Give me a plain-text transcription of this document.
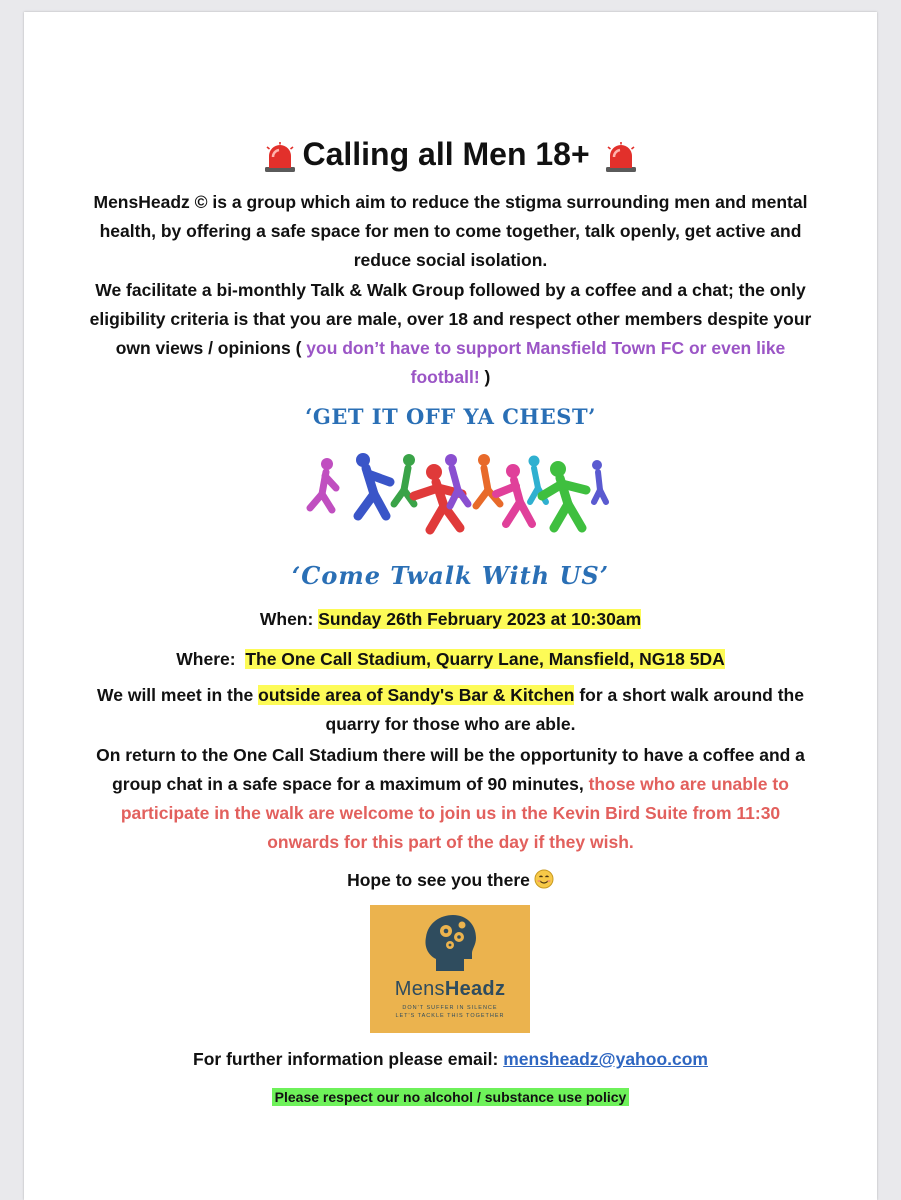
Calling all Men 18+
MensHeadz © is a group which aim to reduce the stigma surrounding men and mental health, by offering a safe space for men to come together, talk openly, get active and reduce social isolation.
We facilitate a bi-monthly Talk & Walk Group followed by a coffee and a chat; the only eligibility criteria is that you are male, over 18 and respect other members despite your own views / opinions ( you don’t have to support Mansfield Town FC or even like football! )
‘GET IT OFF YA CHEST’
‘Come Twalk With US’
When: Sunday 26th February 2023 at 10:30am
Where: The One Call Stadium, Quarry Lane, Mansfield, NG18 5DA
We will meet in the outside area of Sandy's Bar & Kitchen for a short walk around the quarry for those who are able.
On return to the One Call Stadium there will be the opportunity to have a coffee and a group chat in a safe space for a maximum of 90 minutes, those who are unable to participate in the walk are welcome to join us in the Kevin Bird Suite from 11:30 onwards for this part of the day if they wish.
Hope to see you there
MensHeadz
DON'T SUFFER IN SILENCE
LET'S TACKLE THIS TOGETHER
For further information please email: mensheadz@yahoo.com
Please respect our no alcohol / substance use policy
